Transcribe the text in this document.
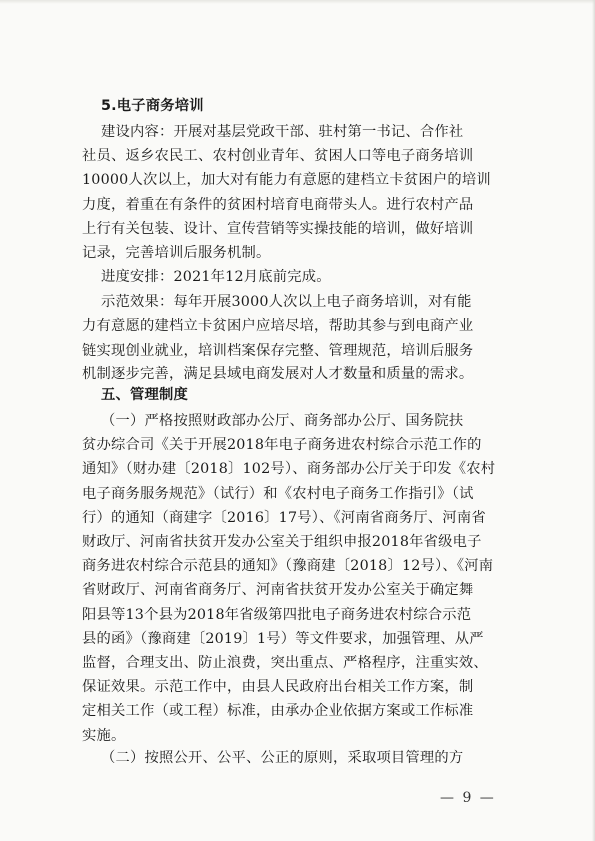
5.电子商务培训
建设内容：开展对基层党政干部、驻村第一书记、合作社
社员、返乡农民工、农村创业青年、贫困人口等电子商务培训
10000人次以上，加大对有能力有意愿的建档立卡贫困户的培训
力度，着重在有条件的贫困村培育电商带头人。进行农村产品
上行有关包装、设计、宣传营销等实操技能的培训，做好培训
记录，完善培训后服务机制。
进度安排：2021年12月底前完成。
五、管理制度
（一）严格按照财政部办公厅、商务部办公厅、国务院扶
贫办综合司《关于开展2018年电子商务进农村综合示范工作的
通知》（财办建〔2018〕102号）、商务部办公厅关于印发《农村
电子商务服务规范》（试行）和《农村电子商务工作指引》（试
行）的通知（商建字〔2016〕17号）、《河南省商务厅、河南省
财政厅、河南省扶贫开发办公室关于组织申报2018年省级电子
商务进农村综合示范县的通知》（豫商建〔2018〕12号）、《河南
省财政厅、河南省商务厅、河南省扶贫开发办公室关于确定舞
阳县等13个县为2018年省级第四批电子商务进农村综合示范
县的函》（豫商建〔2019〕1号）等文件要求，加强管理、从严
监督，合理支出、防止浪费，突出重点、严格程序，注重实效、
保证效果。示范工作中，由县人民政府出台相关工作方案，制
定相关工作（或工程）标准，由承办企业依据方案或工作标准
实施。
（二）按照公开、公平、公正的原则，采取项目管理的方
— 9 —
示范效果：每年开展3000人次以上电子商务培训，对有能
力有意愿的建档立卡贫困户应培尽培，帮助其参与到电商产业
链实现创业就业，培训档案保存完整、管理规范，培训后服务
机制逐步完善，满足县域电商发展对人才数量和质量的需求。
